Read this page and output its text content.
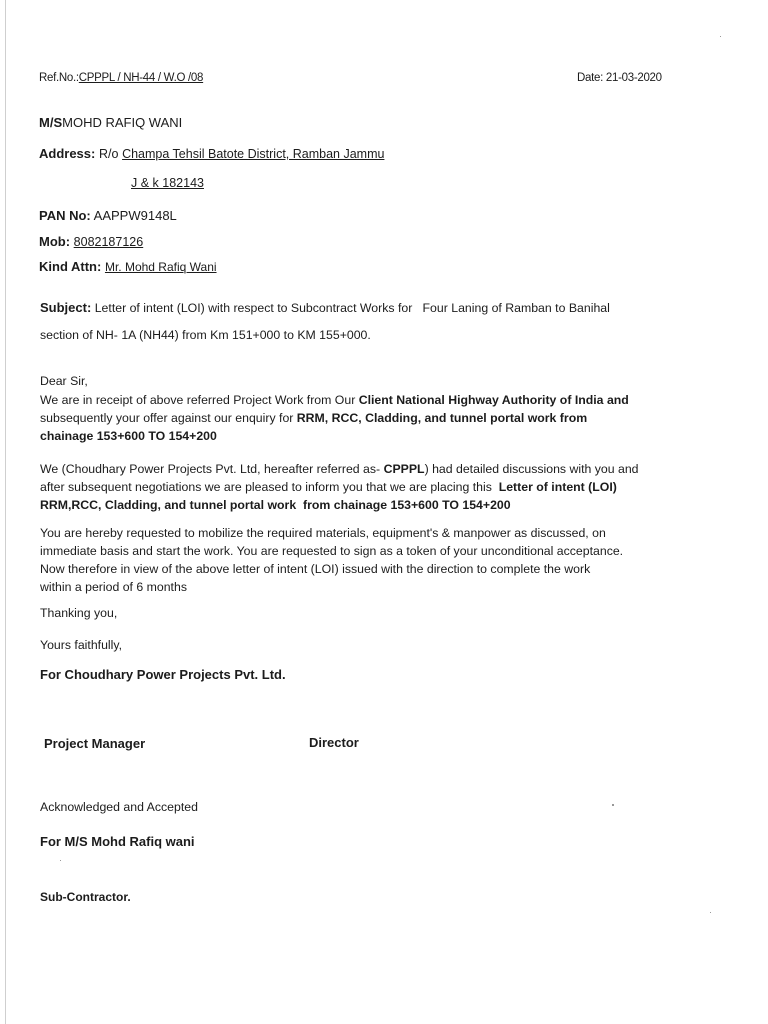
Ref.No.:CPPPL / NH-44 / W.O /08	Date: 21-03-2020
M/SMOHD RAFIQ WANI
Address: R/o Champa Tehsil Batote District, Ramban Jammu
J & k 182143
PAN No: AAPPW9148L
Mob: 8082187126
Kind Attn: Mr. Mohd Rafiq Wani
Subject: Letter of intent (LOI) with respect to Subcontract Works for   Four Laning of Ramban to Banihal
section of NH- 1A (NH44) from Km 151+000 to KM 155+000.
Dear Sir,
We are in receipt of above referred Project Work from Our Client National Highway Authority of India and
subsequently your offer against our enquiry for RRM, RCC, Cladding, and tunnel portal work from
chainage 153+600 TO 154+200
We (Choudhary Power Projects Pvt. Ltd, hereafter referred as- CPPPL) had detailed discussions with you and
after subsequent negotiations we are pleased to inform you that we are placing this  Letter of intent (LOI)
RRM,RCC, Cladding, and tunnel portal work  from chainage 153+600 TO 154+200
You are hereby requested to mobilize the required materials, equipment's & manpower as discussed, on
immediate basis and start the work. You are requested to sign as a token of your unconditional acceptance.
Now therefore in view of the above letter of intent (LOI) issued with the direction to complete the work
within a period of 6 months
Thanking you,
Yours faithfully,
For Choudhary Power Projects Pvt. Ltd.
Project Manager	Director
Acknowledged and Accepted
For M/S Mohd Rafiq wani
Sub-Contractor.
